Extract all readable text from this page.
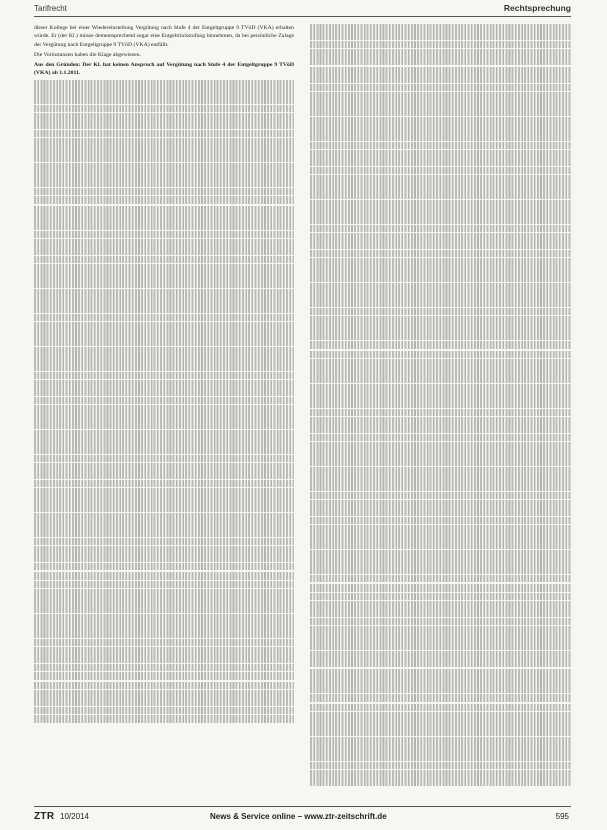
Tarifrecht	Rechtsprechung

dieser Kollege bei einer Wiedereinstellung Vergütung nach Stufe 4 der Entgeltgruppe 9 TVöD (VKA) erhalten würde. Er (der Kl.) müsse dementsprechend sogar eine Entgeltrückstufung hinnehmen, da bei persönliche Zulage der Vergütung nach Entgeltgruppe 9 TVöD (VKA) entfällt.

Die Vorinstanzen haben die Klage abgewiesen.

Aus den Gründen: Der Kl. hat keinen Anspruch auf Vergütung nach Stufe 4 der Entgeltgruppe 9 TVöD (VKA) ab 1.1.2011.

ZTR 10/2014	News & Service online – www.ztr-zeitschrift.de	595
